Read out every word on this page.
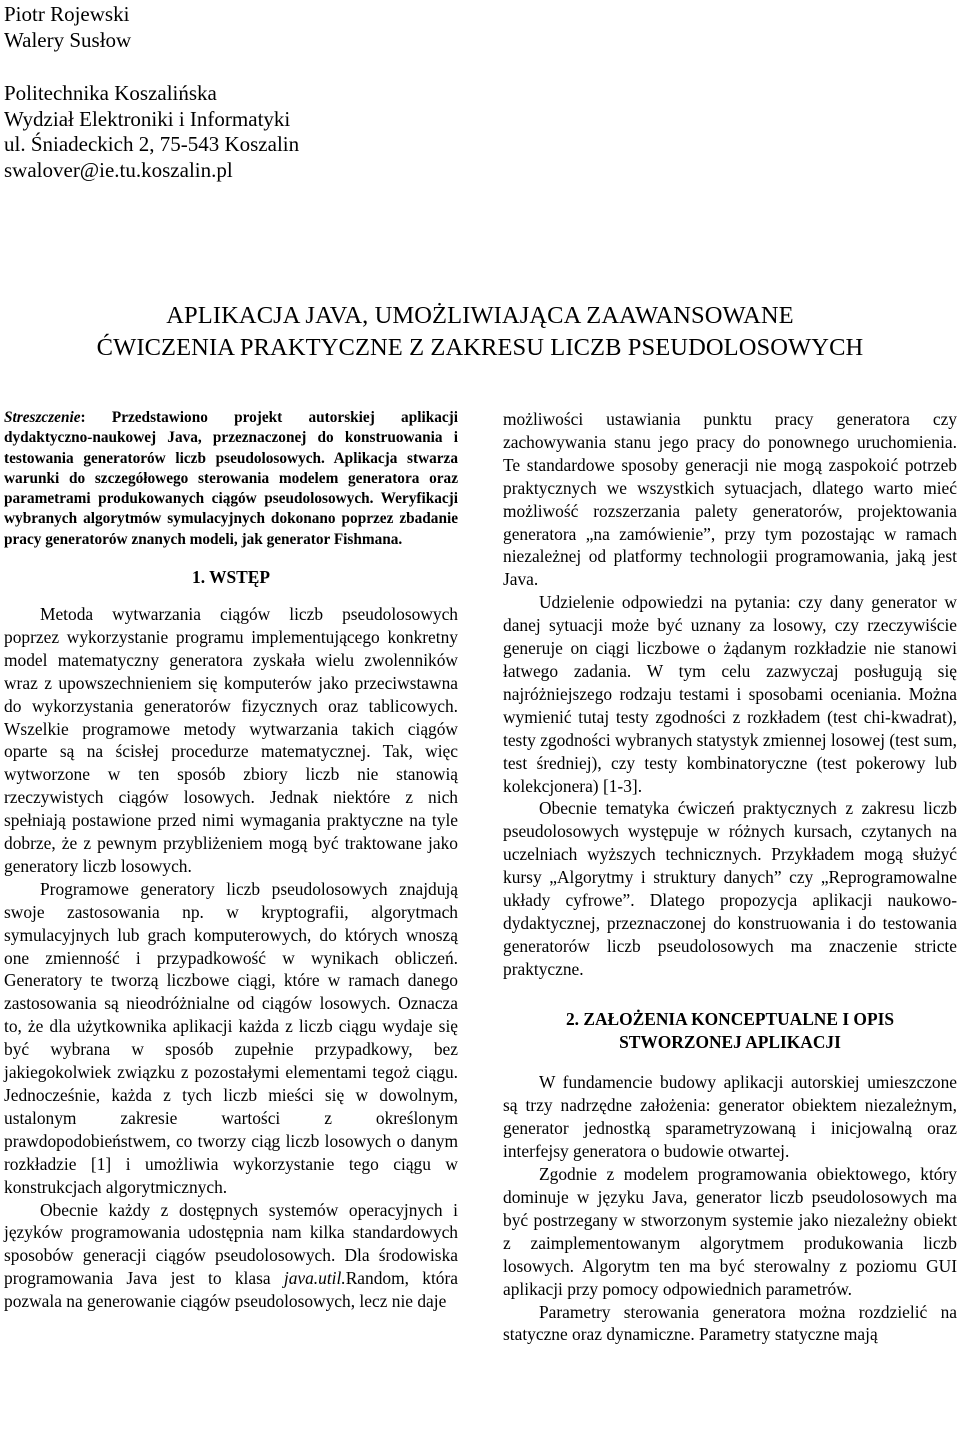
Piotr Rojewski
Walery Susłow
Politechnika Koszalińska
Wydział Elektroniki i Informatyki
ul. Śniadeckich 2, 75-543 Koszalin
swalover@ie.tu.koszalin.pl
APLIKACJA JAVA, UMOŻLIWIAJĄCA ZAAWANSOWANE
ĆWICZENIA PRAKTYCZNE Z ZAKRESU LICZB PSEUDOLOSOWYCH

Streszczenie: Przedstawiono projekt autorskiej aplikacji dydaktyczno-naukowej Java, przeznaczonej do konstruowania i testowania generatorów liczb pseudolosowych. Aplikacja stwarza warunki do szczegółowego sterowania modelem generatora oraz parametrami produkowanych ciągów pseudolosowych. Weryfikacji wybranych algorytmów symulacyjnych dokonano poprzez zbadanie pracy generatorów znanych modeli, jak generator Fishmana.

1. WSTĘP

Metoda wytwarzania ciągów liczb pseudolosowych poprzez wykorzystanie programu implementującego konkretny model matematyczny generatora zyskała wielu zwolenników wraz z upowszechnieniem się komputerów jako przeciwstawna do wykorzystania generatorów fizycznych oraz tablicowych. Wszelkie programowe metody wytwarzania takich ciągów oparte są na ścisłej procedurze matematycznej. Tak, więc wytworzone w ten sposób zbiory liczb nie stanowią rzeczywistych ciągów losowych. Jednak niektóre z nich spełniają postawione przed nimi wymagania praktyczne na tyle dobrze, że z pewnym przybliżeniem mogą być traktowane jako generatory liczb losowych.

Programowe generatory liczb pseudolosowych znajdują swoje zastosowania np. w kryptografii, algorytmach symulacyjnych lub grach komputerowych, do których wnoszą one zmienność i przypadkowość w wynikach obliczeń. Generatory te tworzą liczbowe ciągi, które w ramach danego zastosowania są nieodróżnialne od ciągów losowych. Oznacza to, że dla użytkownika aplikacji każda z liczb ciągu wydaje się być wybrana w sposób zupełnie przypadkowy, bez jakiegokolwiek związku z pozostałymi elementami tegoż ciągu. Jednocześnie, każda z tych liczb mieści się w dowolnym, ustalonym zakresie wartości z określonym prawdopodobieństwem, co tworzy ciąg liczb losowych o danym rozkładzie [1] i umożliwia wykorzystanie tego ciągu w konstrukcjach algorytmicznych.

Obecnie każdy z dostępnych systemów operacyjnych i języków programowania udostępnia nam kilka standardowych sposobów generacji ciągów pseudolosowych. Dla środowiska programowania Java jest to klasa java.util.Random, która pozwala na generowanie ciągów pseudolosowych, lecz nie daje

możliwości ustawiania punktu pracy generatora czy zachowywania stanu jego pracy do ponownego uruchomienia. Te standardowe sposoby generacji nie mogą zaspokoić potrzeb praktycznych we wszystkich sytuacjach, dlatego warto mieć możliwość rozszerzania palety generatorów, projektowania generatora „na zamówienie”, przy tym pozostając w ramach niezależnej od platformy technologii programowania, jaką jest Java.

Udzielenie odpowiedzi na pytania: czy dany generator w danej sytuacji może być uznany za losowy, czy rzeczywiście generuje on ciągi liczbowe o żądanym rozkładzie nie stanowi łatwego zadania. W tym celu zazwyczaj posługują się najróżniejszego rodzaju testami i sposobami oceniania. Można wymienić tutaj testy zgodności z rozkładem (test chi-kwadrat), testy zgodności wybranych statystyk zmiennej losowej (test sum, test średniej), czy testy kombinatoryczne (test pokerowy lub kolekcjonera) [1-3].

Obecnie tematyka ćwiczeń praktycznych z zakresu liczb pseudolosowych występuje w różnych kursach, czytanych na uczelniach wyższych technicznych. Przykładem mogą służyć kursy „Algorytmy i struktury danych” czy „Reprogramowalne układy cyfrowe”. Dlatego propozycja aplikacji naukowo-dydaktycznej, przeznaczonej do konstruowania i do testowania generatorów liczb pseudolosowych ma znaczenie stricte praktyczne.

2. ZAŁOŻENIA KONCEPTUALNE I OPIS
STWORZONEJ APLIKACJI

W fundamencie budowy aplikacji autorskiej umieszczone są trzy nadrzędne założenia: generator obiektem niezależnym, generator jednostką sparametryzowaną i inicjowalną oraz interfejsy generatora o budowie otwartej.

Zgodnie z modelem programowania obiektowego, który dominuje w języku Java, generator liczb pseudolosowych ma być postrzegany w stworzonym systemie jako niezależny obiekt z zaimplementowanym algorytmem produkowania liczb losowych. Algorytm ten ma być sterowalny z poziomu GUI aplikacji przy pomocy odpowiednich parametrów.

Parametry sterowania generatora można rozdzielić na statyczne oraz dynamiczne. Parametry statyczne mają
